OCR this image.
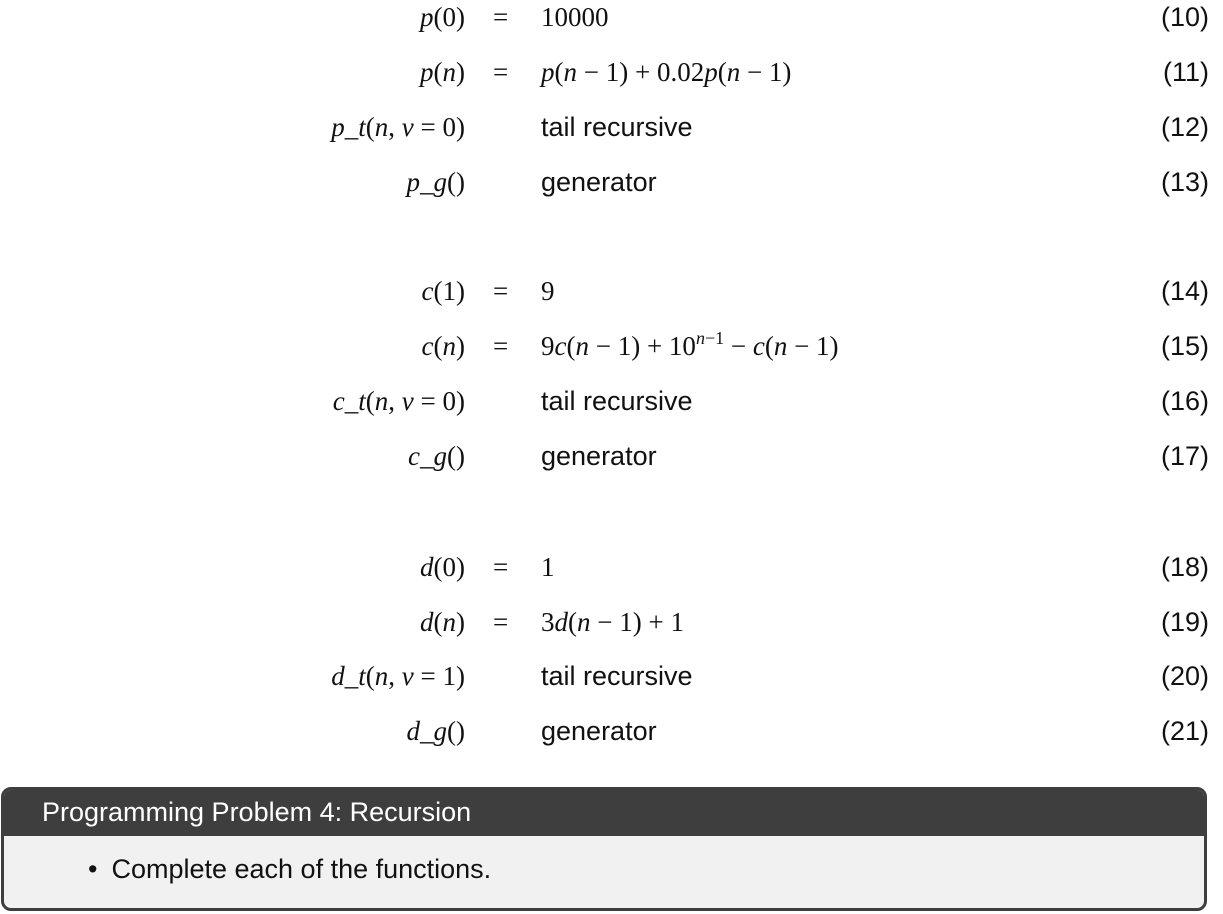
p(0) = 10000	(10)
p(n) = p(n − 1) + 0.02p(n − 1)	(11)
p_t(n, v = 0)	tail recursive	(12)
p_g()	generator	(13)
c(1) = 9	(14)
$c(n) = 9c(n - 1) + 10^{n-1} - c(n - 1)$	(15)
c_t(n, v = 0)	tail recursive	(16)
c_g()	generator	(17)
d(0) = 1	(18)
d(n) = 3d(n − 1) + 1	(19)
d_t(n, v = 1)	tail recursive	(20)
d_g()	generator	(21)
Programming Problem 4: Recursion
• Complete each of the functions.
